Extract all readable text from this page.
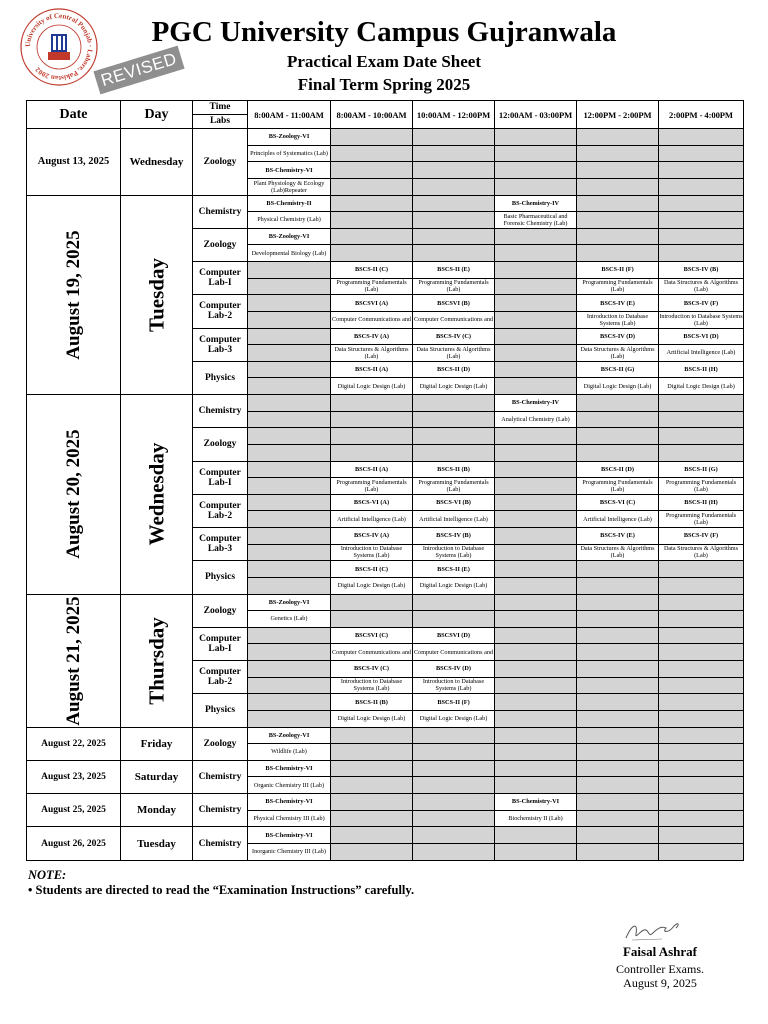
University of Central Punjab · Lahore, Pakistan 2002	REVISED
PGC University Campus Gujranwala
Practical Exam Date Sheet
Final Term Spring 2025
Date	Day	Time	8:00AM - 11:00AM	8:00AM - 10:00AM	10:00AM - 12:00PM	12:00AM - 03:00PM	12:00PM - 2:00PM	2:00PM - 4:00PM
		Labs						
August 13, 2025	Wednesday	Zoology	BS-Zoology-VI					
			Principles of Systematics (Lab)					
			BS-Chemistry-VI					
			Plant Physiology & Ecology (Lab)Repeater					

August 19, 2025	Tuesday	Chemistry	BS-Chemistry-II			BS-Chemistry-IV		
			Physical Chemistry (Lab)			Basic Pharmaceutical and Forensic Chemistry (Lab)		
		Zoology	BS-Zoology-VI					
			Developmental Biology (Lab)					
		Computer Lab-I		BSCS-II (C)	BSCS-II (E)		BSCS-II (F)	BSCS-IV (B)
				Programming Fundamentals (Lab)	Programming Fundamentals (Lab)		Programming Fundamentals (Lab)	Data Structures & Algorithms (Lab)
		Computer Lab-2		BSCSVI (A)	BSCSVI (B)		BSCS-IV (E)	BSCS-IV (F)
				Computer Communications and	Computer Communications and		Introduction to Database Systems (Lab)	Introduction to Database Systems (Lab)
		Computer Lab-3		BSCS-IV (A)	BSCS-IV (C)		BSCS-IV (D)	BSCS-VI (D)
				Data Structures & Algorithms (Lab)	Data Structures & Algorithms (Lab)		Data Structures & Algorithms (Lab)	Artificial Intelligence (Lab)
		Physics		BSCS-II (A)	BSCS-II (D)		BSCS-II (G)	BSCS-II (H)
				Digital Logic Design (Lab)	Digital Logic Design (Lab)		Digital Logic Design (Lab)	Digital Logic Design (Lab)

August 20, 2025	Wednesday	Chemistry				BS-Chemistry-IV		
						Analytical Chemistry (Lab)		
		Zoology						

		Computer Lab-I		BSCS-II (A)	BSCS-II (B)		BSCS-II (D)	BSCS-II (G)
				Programming Fundamentals (Lab)	Programming Fundamentals (Lab)		Programming Fundamentals (Lab)	Programming Fundamentals (Lab)
		Computer Lab-2		BSCS-VI (A)	BSCS-VI (B)		BSCS-VI (C)	BSCS-II (H)
				Artificial Intelligence (Lab)	Artificial Intelligence (Lab)		Artificial Intelligence (Lab)	Programming Fundamentals (Lab)
		Computer Lab-3		BSCS-IV (A)	BSCS-IV (B)		BSCS-IV (E)	BSCS-IV (F)
				Introduction to Database Systems (Lab)	Introduction to Database Systems (Lab)		Data Structures & Algorithms (Lab)	Data Structures & Algorithms (Lab)
		Physics		BSCS-II (C)	BSCS-II (E)			
				Digital Logic Design (Lab)	Digital Logic Design (Lab)			

August 21, 2025	Thursday	Zoology	BS-Zoology-VI					
			Genetics (Lab)					
		Computer Lab-I		BSCSVI (C)	BSCSVI (D)			
				Computer Communications and	Computer Communications and			
		Computer Lab-2		BSCS-IV (C)	BSCS-IV (D)			
				Introduction to Database Systems (Lab)	Introduction to Database Systems (Lab)			
		Physics		BSCS-II (B)	BSCS-II (F)			
				Digital Logic Design (Lab)	Digital Logic Design (Lab)			
August 22, 2025	Friday	Zoology	BS-Zoology-VI					
			Wildlife (Lab)					
August 23, 2025	Saturday	Chemistry	BS-Chemistry-VI					
			Organic Chemistry III (Lab)					
August 25, 2025	Monday	Chemistry	BS-Chemistry-VI			BS-Chemistry-VI		
			Physical Chemistry III (Lab)			Biochemistry II (Lab)		
August 26, 2025	Tuesday	Chemistry	BS-Chemistry-VI					
			Inorganic Chemistry III (Lab)					
NOTE:
• Students are directed to read the “Examination Instructions” carefully.
Faisal Ashraf
Controller Exams.
August 9, 2025
